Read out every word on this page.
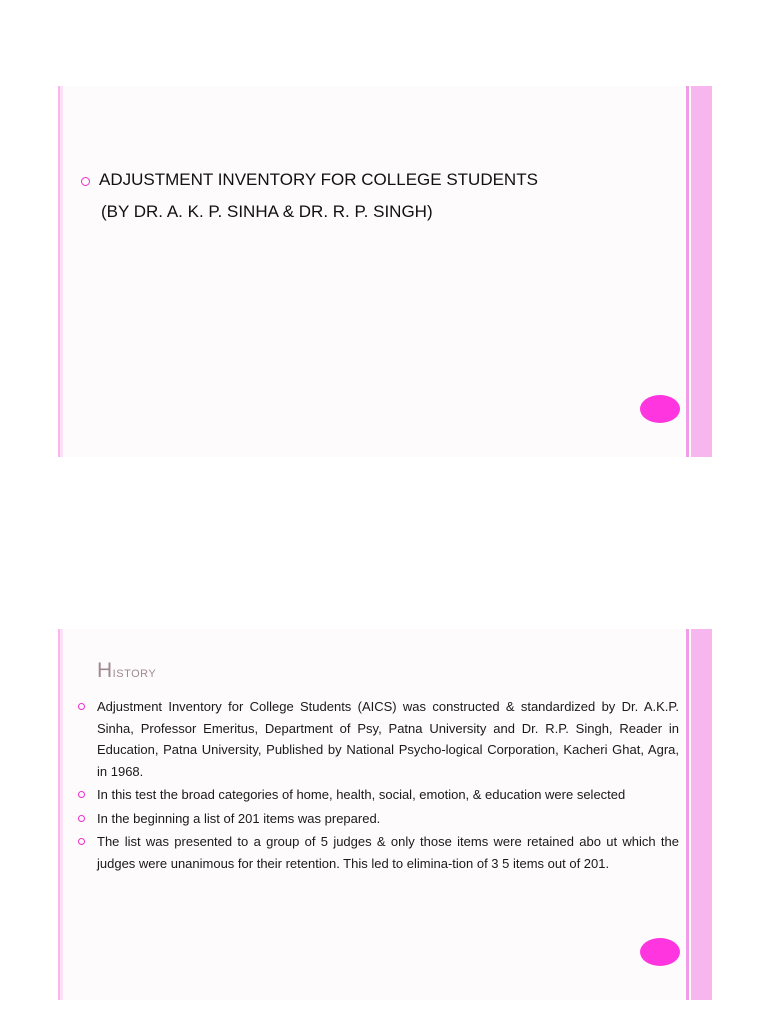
ADJUSTMENT INVENTORY FOR COLLEGE STUDENTS
(BY DR. A. K. P. SINHA & DR. R. P. SINGH)
History
Adjustment Inventory for College Students (AICS) was constructed & standardized by Dr. A.K.P. Sinha, Professor Emeritus, Department of Psy, Patna University and Dr. R.P. Singh, Reader in Education, Patna University, Published by National Psycho-logical Corporation, Kacheri Ghat, Agra, in 1968.
In this test the broad categories of home, health, social, emotion, & education were selected
In the beginning a list of 201 items was prepared.
The list was presented to a group of 5 judges & only those items were retained abo ut which the judges were unanimous for their retention. This led to elimina-tion of 3 5 items out of 201.
